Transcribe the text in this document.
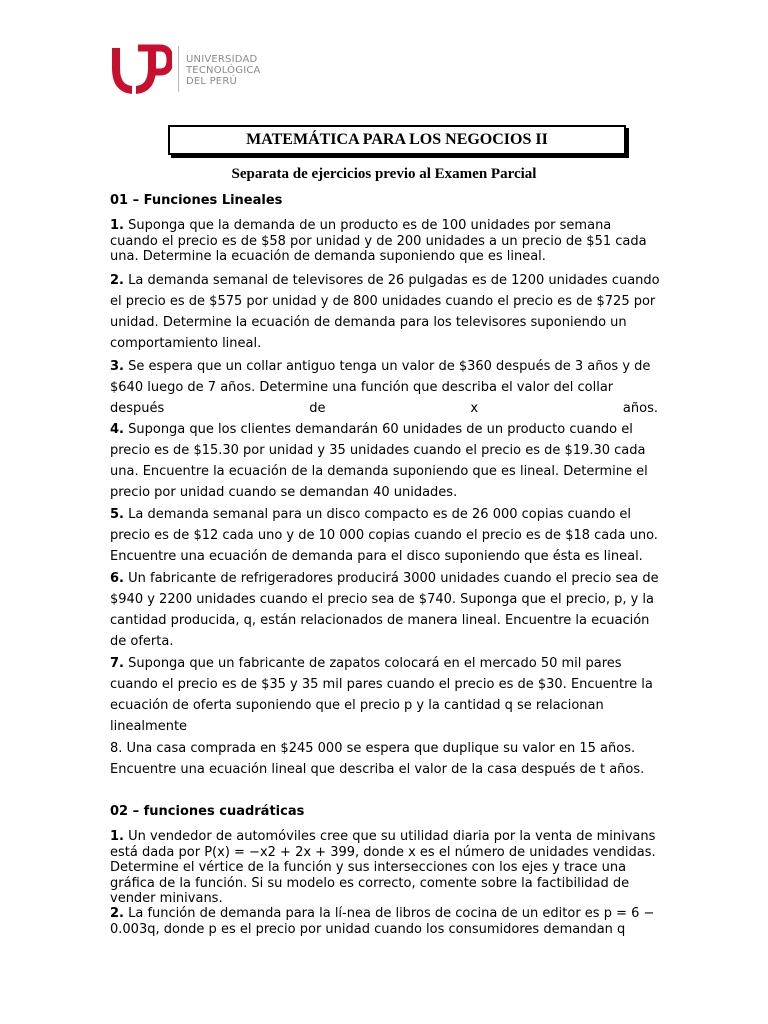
UNIVERSIDAD
TECNOLÓGICA
DEL PERÚ
MATEMÁTICA PARA LOS NEGOCIOS II
Separata de ejercicios previo al Examen Parcial
01 – Funciones Lineales
1. Suponga que la demanda de un producto es de 100 unidades por semana
cuando el precio es de $58 por unidad y de 200 unidades a un precio de $51 cada
una. Determine la ecuación de demanda suponiendo que es lineal.
2. La demanda semanal de televisores de 26 pulgadas es de 1200 unidades cuando
el precio es de $575 por unidad y de 800 unidades cuando el precio es de $725 por
unidad. Determine la ecuación de demanda para los televisores suponiendo un
comportamiento lineal.
3. Se espera que un collar antiguo tenga un valor de $360 después de 3 años y de
$640 luego de 7 años. Determine una función que describa el valor del collar
después	de	x	años.
4. Suponga que los clientes demandarán 60 unidades de un producto cuando el
precio es de $15.30 por unidad y 35 unidades cuando el precio es de $19.30 cada
una. Encuentre la ecuación de la demanda suponiendo que es lineal. Determine el
precio por unidad cuando se demandan 40 unidades.
5. La demanda semanal para un disco compacto es de 26 000 copias cuando el
precio es de $12 cada uno y de 10 000 copias cuando el precio es de $18 cada uno.
Encuentre una ecuación de demanda para el disco suponiendo que ésta es lineal.
6. Un fabricante de refrigeradores producirá 3000 unidades cuando el precio sea de
$940 y 2200 unidades cuando el precio sea de $740. Suponga que el precio, p, y la
cantidad producida, q, están relacionados de manera lineal. Encuentre la ecuación
de oferta.
7. Suponga que un fabricante de zapatos colocará en el mercado 50 mil pares
cuando el precio es de $35 y 35 mil pares cuando el precio es de $30. Encuentre la
ecuación de oferta suponiendo que el precio p y la cantidad q se relacionan
linealmente
8. Una casa comprada en $245 000 se espera que duplique su valor en 15 años.
Encuentre una ecuación lineal que describa el valor de la casa después de t años.
02 – funciones cuadráticas
1. Un vendedor de automóviles cree que su utilidad diaria por la venta de minivans
está dada por P(x) = −x2 + 2x + 399, donde x es el número de unidades vendidas.
Determine el vértice de la función y sus intersecciones con los ejes y trace una
gráfica de la función. Si su modelo es correcto, comente sobre la factibilidad de
vender minivans.
2. La función de demanda para la lí-nea de libros de cocina de un editor es p = 6 −
0.003q, donde p es el precio por unidad cuando los consumidores demandan q
